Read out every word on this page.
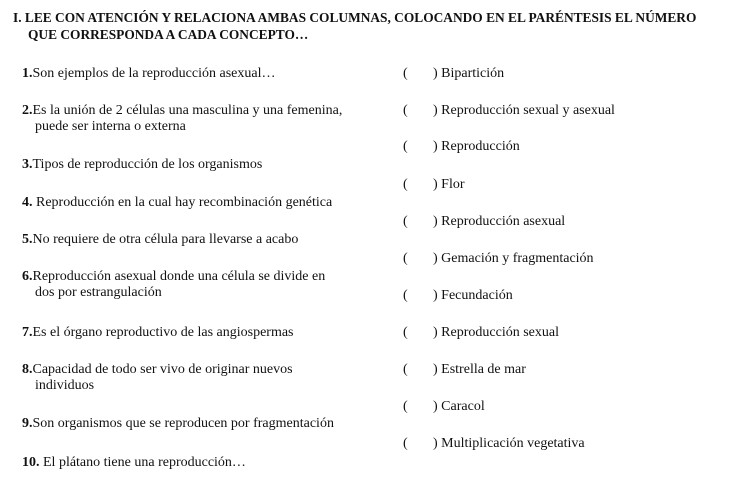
I. LEE CON ATENCIÓN Y RELACIONA AMBAS COLUMNAS, COLOCANDO EN EL PARÉNTESIS EL NÚMERO
QUE CORRESPONDA A CADA CONCEPTO…
1.Son ejemplos de la reproducción asexual…
2.Es la unión de 2 células una masculina y una femenina,
puede ser interna o externa
3.Tipos de reproducción de los organismos
4. Reproducción en la cual hay recombinación genética
5.No requiere de otra célula para llevarse a acabo
6.Reproducción asexual donde una célula se divide en
dos por estrangulación
7.Es el órgano reproductivo de las angiospermas
8.Capacidad de todo ser vivo de originar nuevos
individuos
9.Son organismos que se reproducen por fragmentación
10. El plátano tiene una reproducción…
( ) Bipartición
( ) Reproducción sexual y asexual
( ) Reproducción
( ) Flor
( ) Reproducción asexual
( ) Gemación y fragmentación
( ) Fecundación
( ) Reproducción sexual
( ) Estrella de mar
( ) Caracol
( ) Multiplicación vegetativa
